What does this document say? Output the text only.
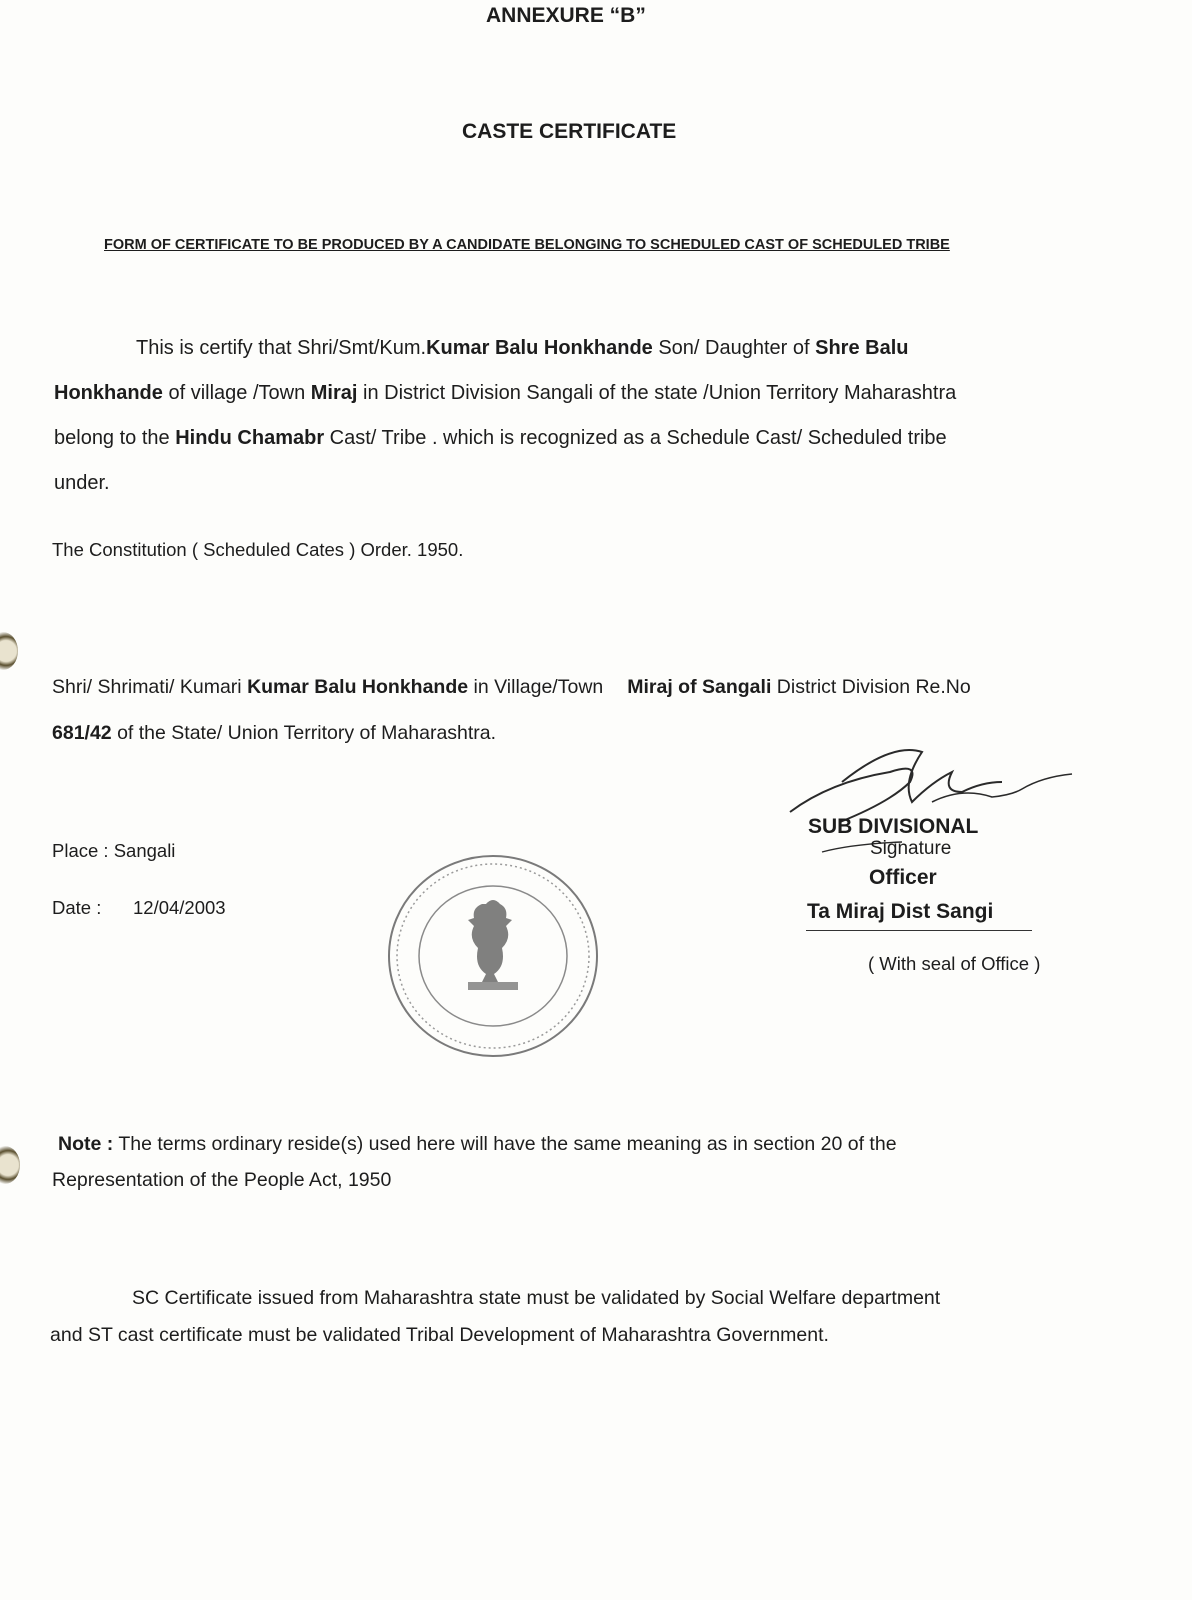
ANNEXURE “B”
CASTE CERTIFICATE
FORM OF CERTIFICATE TO BE PRODUCED BY A CANDIDATE BELONGING TO SCHEDULED CAST OF SCHEDULED TRIBE
This is certify that Shri/Smt/Kum.Kumar Balu Honkhande Son/ Daughter of Shre Balu
Honkhande of village /Town Miraj in District Division Sangali of the state /Union Territory Maharashtra
belong to the Hindu Chamabr Cast/ Tribe . which is recognized as a Schedule Cast/ Scheduled tribe
under.
The Constitution ( Scheduled Cates ) Order. 1950.
Shri/ Shrimati/ Kumari Kumar Balu Honkhande in Village/Town Miraj of Sangali District Division Re.No
681/42 of the State/ Union Territory of Maharashtra.
Place : Sangali
Date : 12/04/2003
SUB DIVISIONAL
Signature
Officer
Ta Miraj Dist Sangi
( With seal of Office )
Note : The terms ordinary reside(s) used here will have the same meaning as in section 20 of the
Representation of the People Act, 1950
SC Certificate issued from Maharashtra state must be validated by Social Welfare department
and ST cast certificate must be validated Tribal Development of Maharashtra Government.
